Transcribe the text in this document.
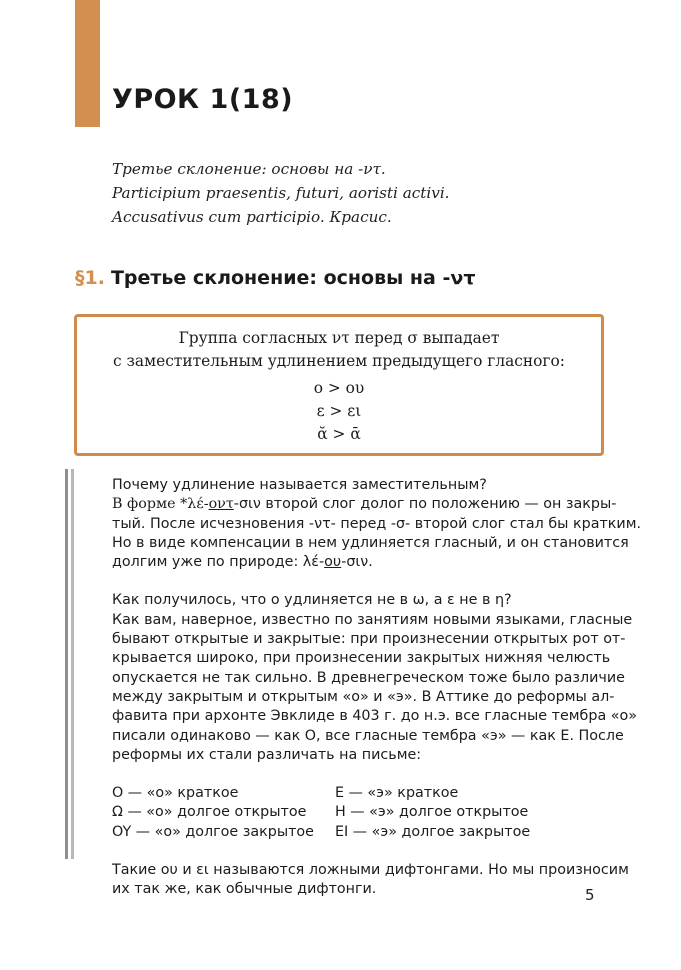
УРОК 1(18)
Третье склонение: основы на -ντ.
Participium praesentis, futuri, aoristi activi.
Accusativus cum participio. Красис.
§1. Третье склонение: основы на -ντ
Группа согласных ντ перед σ выпадает
с заместительным удлинением предыдущего гласного:
ο > ου
ε > ει
ᾰ > ᾱ

Почему удлинение называется заместительным?
В форме *λέ-οντ-σιν второй слог долог по положению — он закры-
тый. После исчезновения -ντ- перед -σ- второй слог стал бы кратким.
Но в виде компенсации в нем удлиняется гласный, и он становится
долгим уже по природе: λέ-ου-σιν.

Как получилось, что ο удлиняется не в ω, а ε не в η?
Как вам, наверное, известно по занятиям новыми языками, гласные
бывают открытые и закрытые: при произнесении открытых рот от-
крывается широко, при произнесении закрытых нижняя челюсть
опускается не так сильно. В древнегреческом тоже было различие
между закрытым и открытым «о» и «э». В Аттике до реформы ал-
фавита при архонте Эвклиде в 403 г. до н.э. все гласные тембра «о»
писали одинаково — как O, все гласные тембра «э» — как E. После
реформы их стали различать на письме:

O — «о» краткое
Ω — «о» долгое открытое
OY — «о» долгое закрытое
E — «э» краткое
H — «э» долгое открытое
EI — «э» долгое закрытое

Такие ου и ει называются ложными дифтонгами. Но мы произносим
их так же, как обычные дифтонги.	5
